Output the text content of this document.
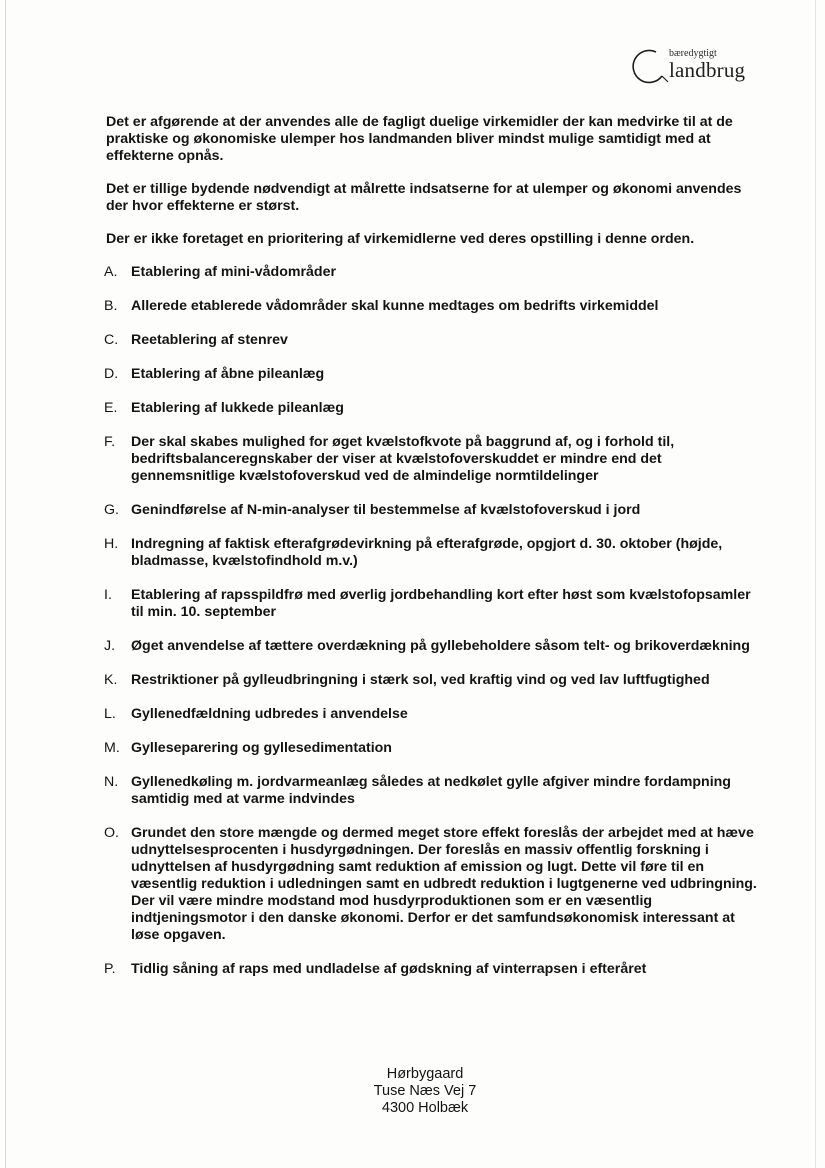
bæredygtigt
landbrug

Det er afgørende at der anvendes alle de fagligt duelige virkemidler der kan medvirke til at de praktiske og økonomiske ulemper hos landmanden bliver mindst mulige samtidigt med at effekterne opnås.

Det er tillige bydende nødvendigt at målrette indsatserne for at ulemper og økonomi anvendes der hvor effekterne er størst.

Der er ikke foretaget en prioritering af virkemidlerne ved deres opstilling i denne orden.

A. Etablering af mini-vådområder
B. Allerede etablerede vådområder skal kunne medtages om bedrifts virkemiddel
C. Reetablering af stenrev
D. Etablering af åbne pileanlæg
E. Etablering af lukkede pileanlæg
F. Der skal skabes mulighed for øget kvælstofkvote på baggrund af, og i forhold til, bedriftsbalanceregnskaber der viser at kvælstofoverskuddet er mindre end det gennemsnitlige kvælstofoverskud ved de almindelige normtildelinger
G. Genindførelse af N-min-analyser til bestemmelse af kvælstofoverskud i jord
H. Indregning af faktisk efterafgrødevirkning på efterafgrøde, opgjort d. 30. oktober (højde, bladmasse, kvælstofindhold m.v.)
I. Etablering af rapsspildfrø med øverlig jordbehandling kort efter høst som kvælstofopsamler til min. 10. september
J. Øget anvendelse af tættere overdækning på gyllebeholdere såsom telt- og brikoverdækning
K. Restriktioner på gylleudbringning i stærk sol, ved kraftig vind og ved lav luftfugtighed
L. Gyllenedfældning udbredes i anvendelse
M. Gylleseparering og gyllesedimentation
N. Gyllenedkøling m. jordvarmeanlæg således at nedkølet gylle afgiver mindre fordampning samtidig med at varme indvindes
O. Grundet den store mængde og dermed meget store effekt foreslås der arbejdet med at hæve udnyttelsesprocenten i husdyrgødningen. Der foreslås en massiv offentlig forskning i udnyttelsen af husdyrgødning samt reduktion af emission og lugt. Dette vil føre til en væsentlig reduktion i udledningen samt en udbredt reduktion i lugtgenerne ved udbringning. Der vil være mindre modstand mod husdyrproduktionen som er en væsentlig indtjeningsmotor i den danske økonomi. Derfor er det samfundsøkonomisk interessant at løse opgaven.
P. Tidlig såning af raps med undladelse af gødskning af vinterrapsen i efteråret
Hørbygaard
Tuse Næs Vej 7
4300 Holbæk
